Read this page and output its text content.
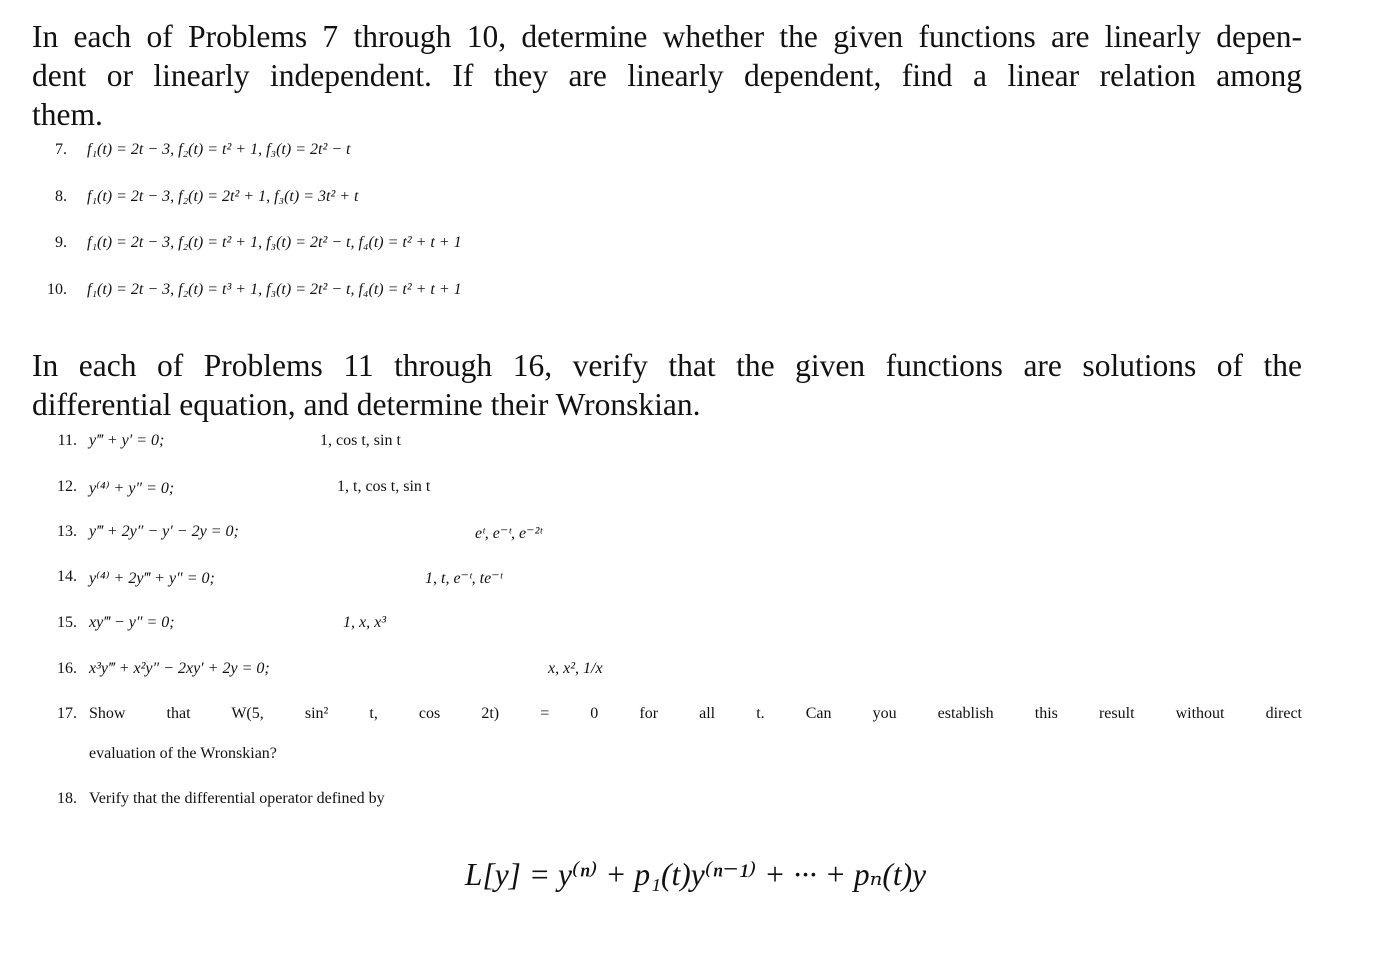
In each of Problems 7 through 10, determine whether the given functions are linearly depen-
dent or linearly independent. If they are linearly dependent, find a linear relation among
them.

7. f₁(t) = 2t − 3, f₂(t) = t² + 1, f₃(t) = 2t² − t
8. f₁(t) = 2t − 3, f₂(t) = 2t² + 1, f₃(t) = 3t² + t
9. f₁(t) = 2t − 3, f₂(t) = t² + 1, f₃(t) = 2t² − t, f₄(t) = t² + t + 1
10. f₁(t) = 2t − 3, f₂(t) = t³ + 1, f₃(t) = 2t² − t, f₄(t) = t² + t + 1

In each of Problems 11 through 16, verify that the given functions are solutions of the
differential equation, and determine their Wronskian.

11. y‴ + y′ = 0;	1, cos t, sin t
12. y⁽⁴⁾ + y″ = 0;	1, t, cos t, sin t
13. y‴ + 2y″ − y′ − 2y = 0;	eᵗ, e⁻ᵗ, e⁻²ᵗ
14. y⁽⁴⁾ + 2y‴ + y″ = 0;	1, t, e⁻ᵗ, te⁻ᵗ
15. xy‴ − y″ = 0;	1, x, x³
16. x³y‴ + x²y″ − 2xy′ + 2y = 0;	x, x², 1/x
17. Show that W(5, sin² t, cos 2t) = 0 for all t. Can you establish this result without direct
evaluation of the Wronskian?
18. Verify that the differential operator defined by
L[y] = y⁽ⁿ⁾ + p₁(t)y⁽ⁿ⁻¹⁾ + ··· + pₙ(t)y
